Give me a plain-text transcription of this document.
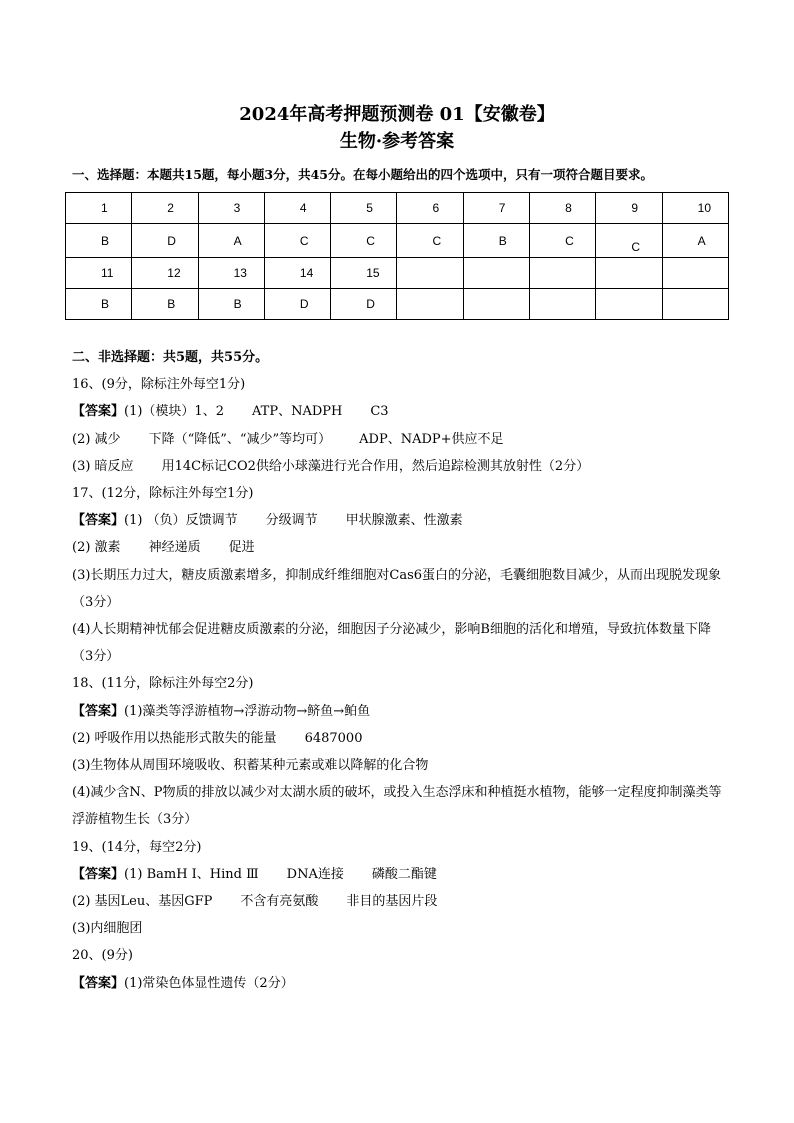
2024年高考押题预测卷 01【安徽卷】
生物·参考答案
一、选择题：本题共15题，每小题3分，共45分。在每小题给出的四个选项中，只有一项符合题目要求。
1	2	3	4	5	6	7	8	9	10
B	D	A	C	C	C	B	C	C	A
11	12	13	14	15					
B	B	B	D	D					
二、非选择题：共5题，共55分。
16、(9分，除标注外每空1分)
【答案】(1)（模块）1、2 ATP、NADPH C3
(2) 减少 下降（“降低”、“减少”等均可） ADP、NADP+供应不足
(3) 暗反应 用14C标记CO2供给小球藻进行光合作用，然后追踪检测其放射性（2分）
17、(12分，除标注外每空1分)
【答案】(1) （负）反馈调节 分级调节 甲状腺激素、性激素
(2) 激素 神经递质 促进
(3)长期压力过大，糖皮质激素增多，抑制成纤维细胞对Cas6蛋白的分泌，毛囊细胞数目减少，从而出现脱发现象（3分）
(4)人长期精神忧郁会促进糖皮质激素的分泌，细胞因子分泌减少，影响B细胞的活化和增殖，导致抗体数量下降（3分）
18、(11分，除标注外每空2分)
【答案】(1)藻类等浮游植物→浮游动物→鲚鱼→鲌鱼
(2) 呼吸作用以热能形式散失的能量 6487000
(3)生物体从周围环境吸收、积蓄某种元素或难以降解的化合物
(4)减少含N、P物质的排放以减少对太湖水质的破坏，或投入生态浮床和种植挺水植物，能够一定程度抑制藻类等浮游植物生长（3分）
19、(14分，每空2分)
【答案】(1) BamH Ⅰ、Hind Ⅲ DNA连接 磷酸二酯键
(2) 基因Leu、基因GFP 不含有亮氨酸 非目的基因片段
(3)内细胞团
20、(9分)
【答案】(1)常染色体显性遗传（2分）
